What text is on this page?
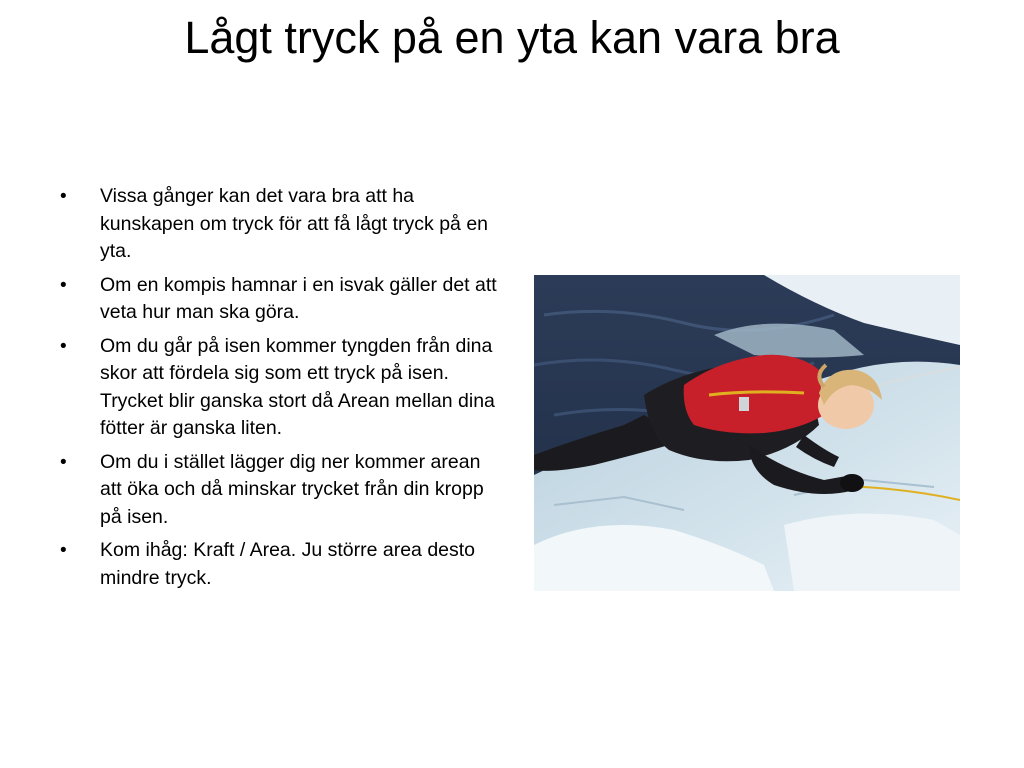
Lågt tryck på en yta kan vara bra
•	Vissa gånger kan det vara bra att ha kunskapen om tryck för att få lågt tryck på en yta.
•	Om en kompis hamnar i en isvak gäller det att veta hur man ska göra.
•	Om du går på isen kommer tyngden från dina skor att fördela sig som ett tryck på isen. Trycket blir ganska stort då Arean mellan dina fötter är ganska liten.
•	Om du i stället lägger dig ner kommer arean att öka och då minskar trycket från din kropp på isen.
•	Kom ihåg: Kraft / Area. Ju större area desto mindre tryck.
